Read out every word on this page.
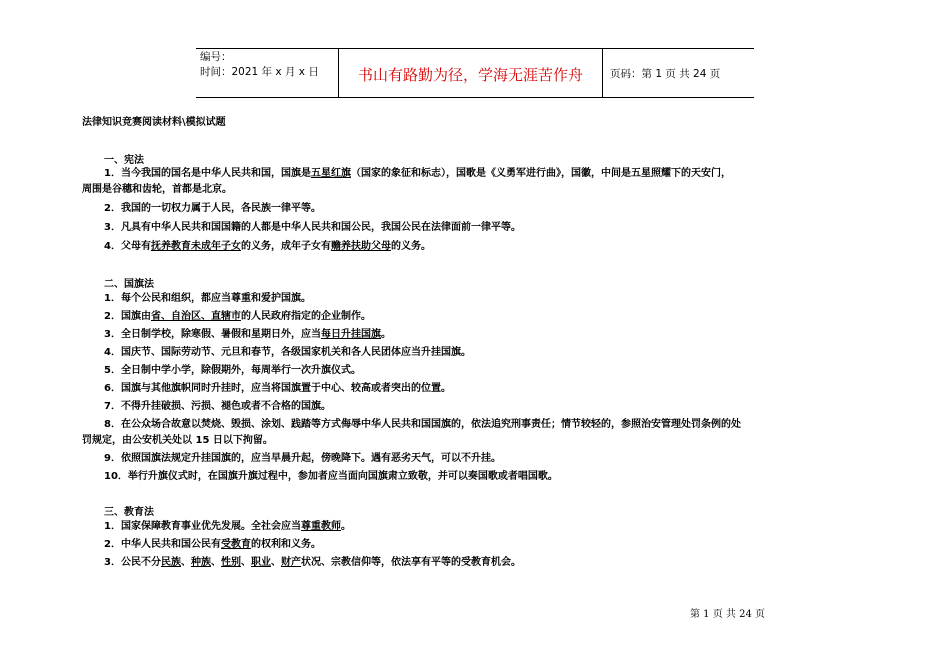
编号：
时间：2021 年 x 月 x 日	书山有路勤为径，学海无涯苦作舟	页码：第 1 页 共 24 页
法律知识竞赛阅读材料\模拟试题
一、宪法
1．当今我国的国名是中华人民共和国，国旗是五星红旗（国家的象征和标志），国歌是《义勇军进行曲》，国徽，中间是五星照耀下的天安门，
周围是谷穗和齿轮，首都是北京。
2．我国的一切权力属于人民，各民族一律平等。
3．凡具有中华人民共和国国籍的人都是中华人民共和国公民，我国公民在法律面前一律平等。
4．父母有抚养教育未成年子女的义务，成年子女有赡养扶助父母的义务。
二、国旗法
1．每个公民和组织，都应当尊重和爱护国旗。
2．国旗由省、自治区、直辖市的人民政府指定的企业制作。
3．全日制学校，除寒假、暑假和星期日外，应当每日升挂国旗。
4．国庆节、国际劳动节、元旦和春节，各级国家机关和各人民团体应当升挂国旗。
5．全日制中学小学，除假期外，每周举行一次升旗仪式。
6．国旗与其他旗帜同时升挂时，应当将国旗置于中心、较高或者突出的位置。
7．不得升挂破损、污损、褪色或者不合格的国旗。
8．在公众场合故意以焚烧、毁损、涂划、践踏等方式侮辱中华人民共和国国旗的，依法追究刑事责任；情节较轻的，参照治安管理处罚条例的处
罚规定，由公安机关处以 15 日以下拘留。
9．依照国旗法规定升挂国旗的，应当早晨升起，傍晚降下。遇有恶劣天气，可以不升挂。
10．举行升旗仪式时，在国旗升旗过程中，参加者应当面向国旗肃立致敬，并可以奏国歌或者唱国歌。
三、教育法
1．国家保障教育事业优先发展。全社会应当尊重教师。
2．中华人民共和国公民有受教育的权利和义务。
3．公民不分民族、种族、性别、职业、财产状况、宗教信仰等，依法享有平等的受教育机会。
第 1 页 共 24 页
